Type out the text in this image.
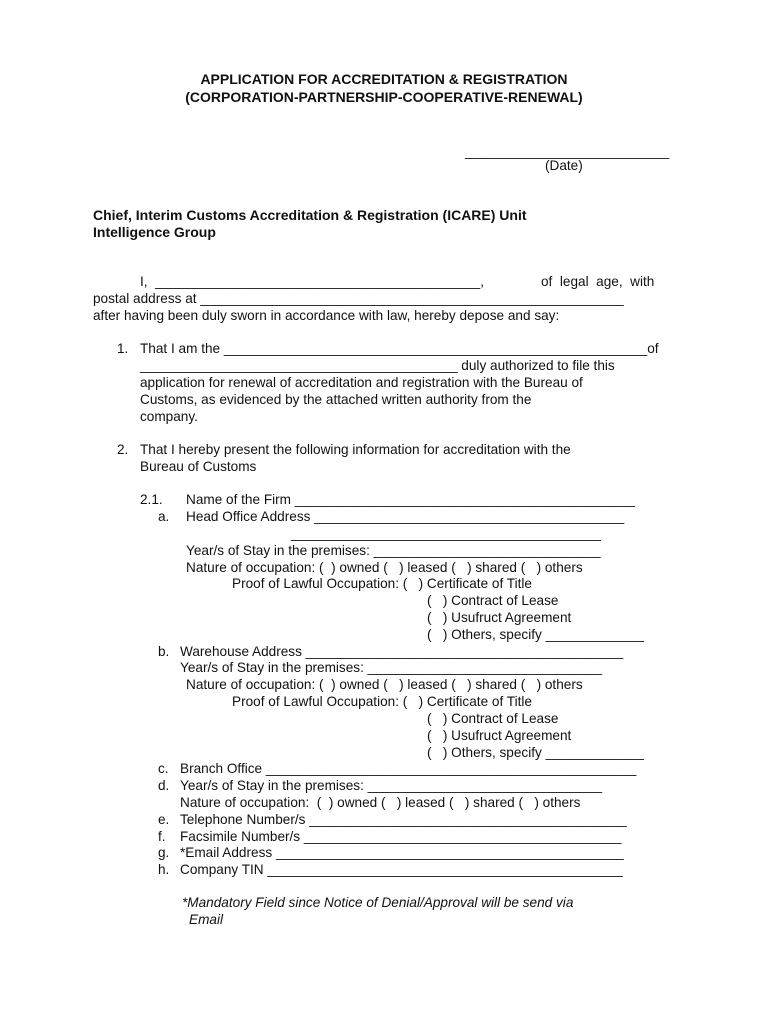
APPLICATION FOR ACCREDITATION & REGISTRATION
(CORPORATION-PARTNERSHIP-COOPERATIVE-RENEWAL)
___________________________
(Date)
Chief, Interim Customs Accreditation & Registration (ICARE) Unit
Intelligence Group
I,  ___________________________________________,	of  legal  age,  with
postal address at ________________________________________________________
after having been duly sworn in accordance with law, hereby depose and say:
1. That I am the ________________________________________________________of
__________________________________________ duly authorized to file this
application for renewal of accreditation and registration with the Bureau of
Customs, as evidenced by the attached written authority from the
company.
2. That I hereby present the following information for accreditation with the
Bureau of Customs
2.1. Name of the Firm _____________________________________________
a. Head Office Address _________________________________________
_________________________________________
Year/s of Stay in the premises: ______________________________
Nature of occupation: (  ) owned (   ) leased (   ) shared (   ) others
Proof of Lawful Occupation: (   ) Certificate of Title
(   ) Contract of Lease
(   ) Usufruct Agreement
(   ) Others, specify _____________
b. Warehouse Address __________________________________________
Year/s of Stay in the premises: _______________________________
Nature of occupation: (  ) owned (   ) leased (   ) shared (   ) others
Proof of Lawful Occupation: (   ) Certificate of Title
(   ) Contract of Lease
(   ) Usufruct Agreement
(   ) Others, specify _____________
c. Branch Office _________________________________________________
d. Year/s of Stay in the premises: _______________________________
Nature of occupation:  (  ) owned (   ) leased (   ) shared (   ) others
e. Telephone Number/s __________________________________________
f. Facsimile Number/s __________________________________________
g. *Email Address ______________________________________________
h. Company TIN _______________________________________________
*Mandatory Field since Notice of Denial/Approval will be send via
Email
